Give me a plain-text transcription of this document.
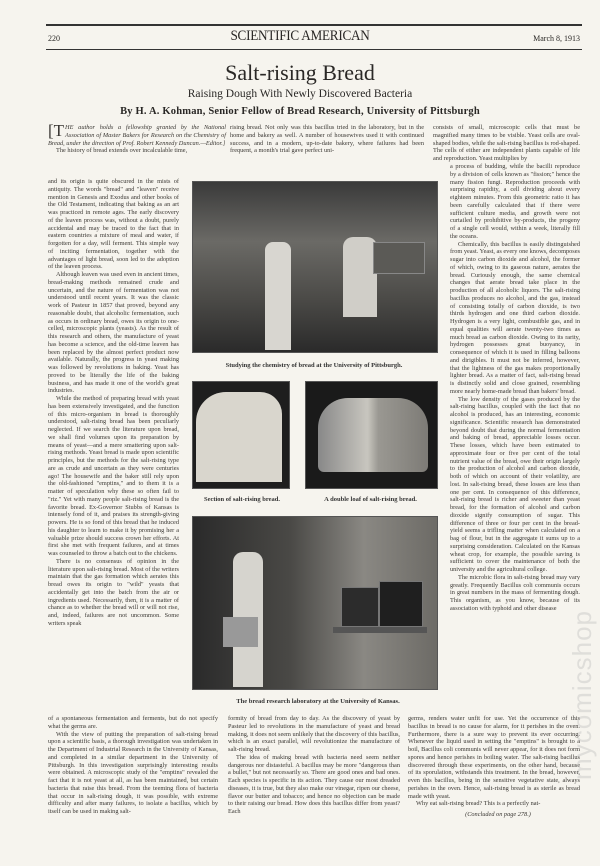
220	SCIENTIFIC AMERICAN	March 8, 1913
Salt-rising Bread
Raising Dough With Newly Discovered Bacteria
By H. A. Kohman, Senior Fellow of Bread Research, University of Pittsburgh

[THE author holds a fellowship granted by the National Association of Master Bakers for Research on the Chemistry of Bread, under the direction of Prof. Robert Kennedy Duncan.—Editor.]

The history of bread extends over incalculable time,

and its origin is quite obscured in the mists of antiquity. The words "bread" and "leaven" receive mention in Genesis and Exodus and other books of the Old Testament, indicating that baking as an art was practiced in remote ages. The early discovery of the leaven process was, without a doubt, purely accidental and may be traced to the fact that in eastern countries a mixture of meal and water, if forgotten for a day, will ferment. This simple way of inciting fermentation, together with the advantages of light bread, soon led to the adoption of the leaven process.

Although leaven was used even in ancient times, bread-making methods remained crude and uncertain, and the nature of fermentation was not understood until recent years. It was the classic work of Pasteur in 1857 that proved, beyond any reasonable doubt, that alcoholic fermentation, such as occurs in ordinary bread, owes its origin to one-celled, microscopic plants (yeasts). As the result of this research and others, the manufacture of yeast has become a science, and the old-time leaven has been replaced by the almost perfect product now available. Naturally, the progress in yeast making was followed by revolutions in baking. Yeast has proved to be literally the life of the baking business, and has made it one of the world's great industries.

While the method of preparing bread with yeast has been extensively investigated, and the function of this micro-organism in bread is thoroughly understood, salt-rising bread has been peculiarly neglected. If we search the literature upon bread, we shall find volumes upon its preparation by means of yeast—and a mere smattering upon salt-rising methods. Yeast bread is made upon scientific principles, but the methods for the salt-rising type are as crude and uncertain as they were centuries ago! The housewife and the baker still rely upon the old-fashioned "emptins," and to them it is a matter of speculation why these so often fail to "riz." Yet with many people salt-rising bread is the favorite bread. Ex-Governor Stubbs of Kansas is intensely fond of it, and praises its strength-giving powers. He is so fond of this bread that he induced his daughter to learn to make it by promising her a valuable prize should success crown her efforts. At first she met with frequent failures, and at times was counseled to throw a batch out to the chickens.

There is no consensus of opinion in the literature upon salt-rising bread. Most of the writers maintain that the gas formation which aerates this bread owes its origin to "wild" yeasts that accidentally get into the batch from the air or ingredients used. Necessarily, then, it is a matter of chance as to whether the bread will or will not rise, and, indeed, failures are not uncommon. Some writers speak

rising bread. Not only was this bacillus tried in the laboratory, but in the home and bakery as well. A number of housewives used it with continued success, and in a modern, up-to-date bakery, where failures had been frequent, a month's trial gave perfect uni-

consists of small, microscopic cells that must be magnified many times to be visible. Yeast cells are oval-shaped bodies, while the salt-rising bacillus is rod-shaped. The cells of either are independent plants capable of life and reproduction. Yeast multiplies by

a process of budding, while the bacilli reproduce by a division of cells known as "fission;" hence the many fission fungi. Reproduction proceeds with surprising rapidity, a cell dividing about every eighteen minutes. From this geometric ratio it has been carefully calculated that if there were sufficient culture media, and growth were not curtailed by prohibitive by-products, the progeny of a single cell would, within a week, literally fill the oceans.

Chemically, this bacillus is easily distinguished from yeast. Yeast, as every one knows, decomposes sugar into carbon dioxide and alcohol, the former of which, owing to its gaseous nature, aerates the bread. Curiously enough, the same chemical changes that aerate bread take place in the production of all alcoholic liquors. The salt-rising bacillus produces no alcohol, and the gas, instead of consisting totally of carbon dioxide, is two thirds hydrogen and one third carbon dioxide. Hydrogen is a very light, combustible gas, and in equal qualities will aerate twenty-two times as much bread as carbon dioxide. Owing to its rarity, hydrogen possesses great buoyancy, in consequence of which it is used in filling balloons and dirigibles. It must not be inferred, however, that the lightness of the gas makes proportionally lighter bread. As a matter of fact, salt-rising bread is distinctly solid and close grained, resembling more nearly home-made bread than bakers' bread.

The low density of the gases produced by the salt-rising bacillus, coupled with the fact that no alcohol is produced, has an interesting, economic significance. Scientific research has demonstrated beyond doubt that during the normal fermentation and baking of bread, appreciable losses occur. These losses, which have been estimated to approximate four or five per cent of the total nutrient value of the bread, owe their origin largely to the production of alcohol and carbon dioxide, both of which on account of their volatility, are lost. In salt-rising bread, these losses are less than one per cent. In consequence of this difference, salt-rising bread is richer and sweeter than yeast bread, for the formation of alcohol and carbon dioxide signify consumption of sugar. This difference of three or four per cent in the bread-yield seems a trifling matter when calculated on a bag of flour, but in the aggregate it sums up to a surprising consideration. Calculated on the Kansas wheat crop, for example, the possible saving is sufficient to cover the maintenance of both the university and the agricultural college.

The microbic flora in salt-rising bread may vary greatly. Frequently Bacillus coli communis occurs in great numbers in the mass of fermenting dough. This organism, as you know, because of its association with typhoid and other disease

Studying the chemistry of bread at the University of Pittsburgh.
Section of salt-rising bread.	A double loaf of salt-rising bread.
The bread research laboratory at the University of Kansas.

of a spontaneous fermentation and ferments, but do not specify what the germs are.

With the view of putting the preparation of salt-rising bread upon a scientific basis, a thorough investigation was undertaken in the Department of Industrial Research in the University of Kansas, and completed in a similar department in the University of Pittsburgh. In this investigation surprisingly interesting results were obtained. A microscopic study of the "emptins" revealed the fact that it is not yeast at all, as has been maintained, but certain bacteria that raise this bread. From the teeming flora of bacteria that occur in salt-rising dough, it was possible, with extreme difficulty and after many failures, to isolate a bacillus, which by itself can be used in making salt-

formity of bread from day to day. As the discovery of yeast by Pasteur led to revolutions in the manufacture of yeast and bread making, it does not seem unlikely that the discovery of this bacillus, which is an exact parallel, will revolutionize the manufacture of salt-rising bread.

The idea of making bread with bacteria need seem neither dangerous nor distasteful. A bacillus may be more "dangerous than a bullet," but not necessarily so. There are good ones and bad ones. Each species is specific in its action. They cause our most dreaded diseases, it is true, but they also make our vinegar, ripen our cheese, flavor our butter and tobacco; and hence no objection can be made to their raising our bread. How does this bacillus differ from yeast? Each

germs, renders water unfit for use. Yet the occurrence of this bacillus in bread is no cause for alarm, for it perishes in the oven. Furthermore, there is a sure way to prevent its ever occurring. Whenever the liquid used in setting the "emptins" is brought to a boil, Bacillus coli communis will never appear, for it does not form spores and hence perishes in boiling water. The salt-rising bacillus discovered through these experiments, on the other hand, because of its sporulation, withstands this treatment. In the bread, however, even this bacillus, being in the sensitive vegetative state, always perishes in the oven. Hence, salt-rising bread is as sterile as bread made with yeast.

Why eat salt-rising bread? This is a perfectly nat-

(Concluded on page 278.)

mycomicshop
